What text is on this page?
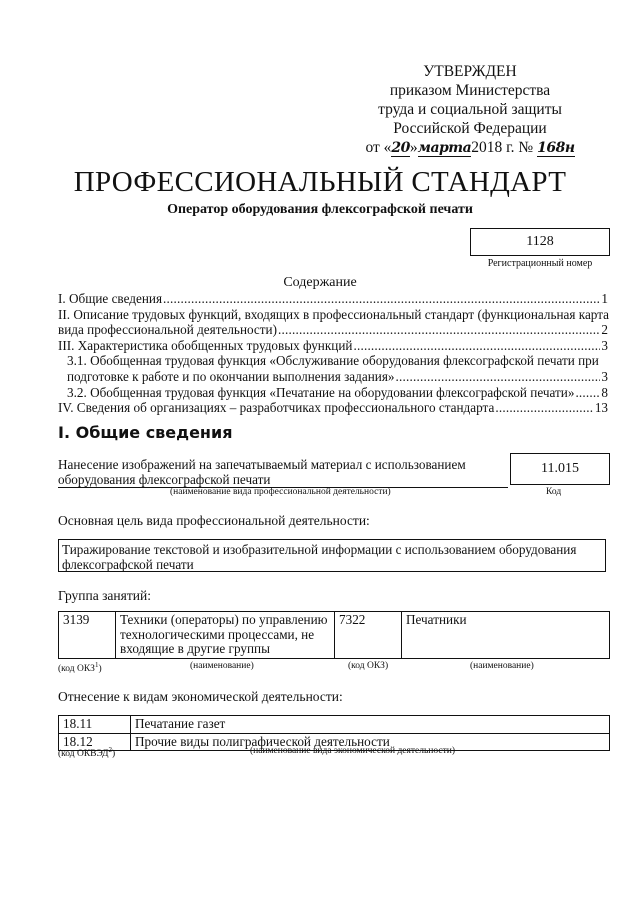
УТВЕРЖДЕН
приказом Министерства
труда и социальной защиты
Российской Федерации
от «20»марта2018 г. № 168н
ПРОФЕССИОНАЛЬНЫЙ СТАНДАРТ
Оператор оборудования флексографской печати
1128
Регистрационный номер
Содержание
I. Общие сведения .....	1
II. Описание трудовых функций, входящих в профессиональный стандарт (функциональная карта
вида профессиональной деятельности) .....	2
III. Характеристика обобщенных трудовых функций .....	3
3.1. Обобщенная трудовая функция «Обслуживание оборудования флексографской печати при
подготовке к работе и по окончании выполнения задания» .....	3
3.2. Обобщенная трудовая функция «Печатание на оборудовании флексографской печати» ..... 8
IV. Сведения об организациях – разработчиках профессионального стандарта .....	13
I. Общие сведения
Нанесение изображений на запечатываемый материал с использованием
оборудования флексографской печати
11.015
(наименование вида профессиональной деятельности)	Код
Основная цель вида профессиональной деятельности:
Тиражирование текстовой и изобразительной информации с использованием оборудования
флексографской печати
Группа занятий:
3139	Техники (операторы) по управлению
технологическими процессами, не
входящие в другие группы
	7322	Печатники
(код ОКЗ$^1$)	(наименование)	(код ОКЗ)	(наименование)
Отнесение к видам экономической деятельности:
18.11	Печатание газет
18.12	Прочие виды полиграфической деятельности
(код ОКВЭД$^2$)	(наименование вида экономической деятельности)
